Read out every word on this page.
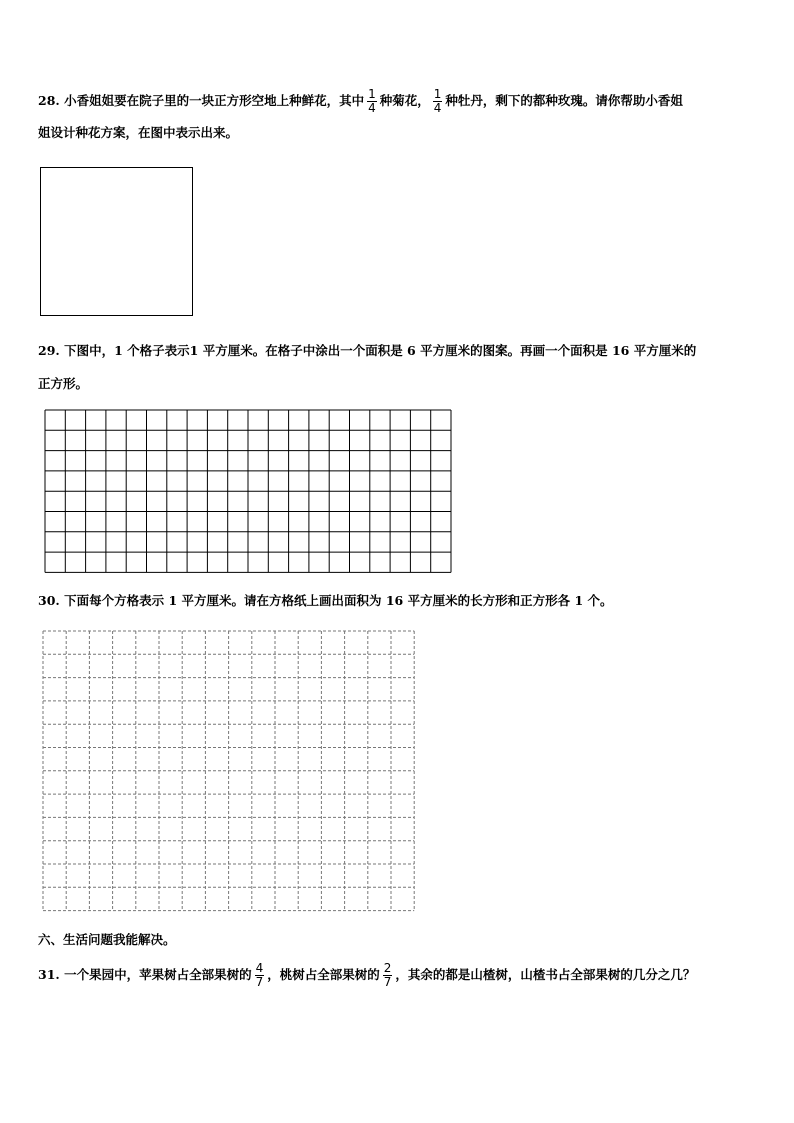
28. 小香姐姐要在院子里的一块正方形空地上种鲜花，其中 $\frac{1}{4}$ 种菊花， $\frac{1}{4}$ 种牡丹，剩下的都种玫瑰。请你帮助小香姐
姐设计种花方案，在图中表示出来。
29. 下图中，1 个格子表示1 平方厘米。在格子中涂出一个面积是 6 平方厘米的图案。再画一个面积是 16 平方厘米的
正方形。
30. 下面每个方格表示 1 平方厘米。请在方格纸上画出面积为 16 平方厘米的长方形和正方形各 1 个。
六、生活问题我能解决。
31. 一个果园中，苹果树占全部果树的 $\frac{4}{7}$ ，桃树占全部果树的 $\frac{2}{7}$ ，其余的都是山楂树，山楂书占全部果树的几分之几？
